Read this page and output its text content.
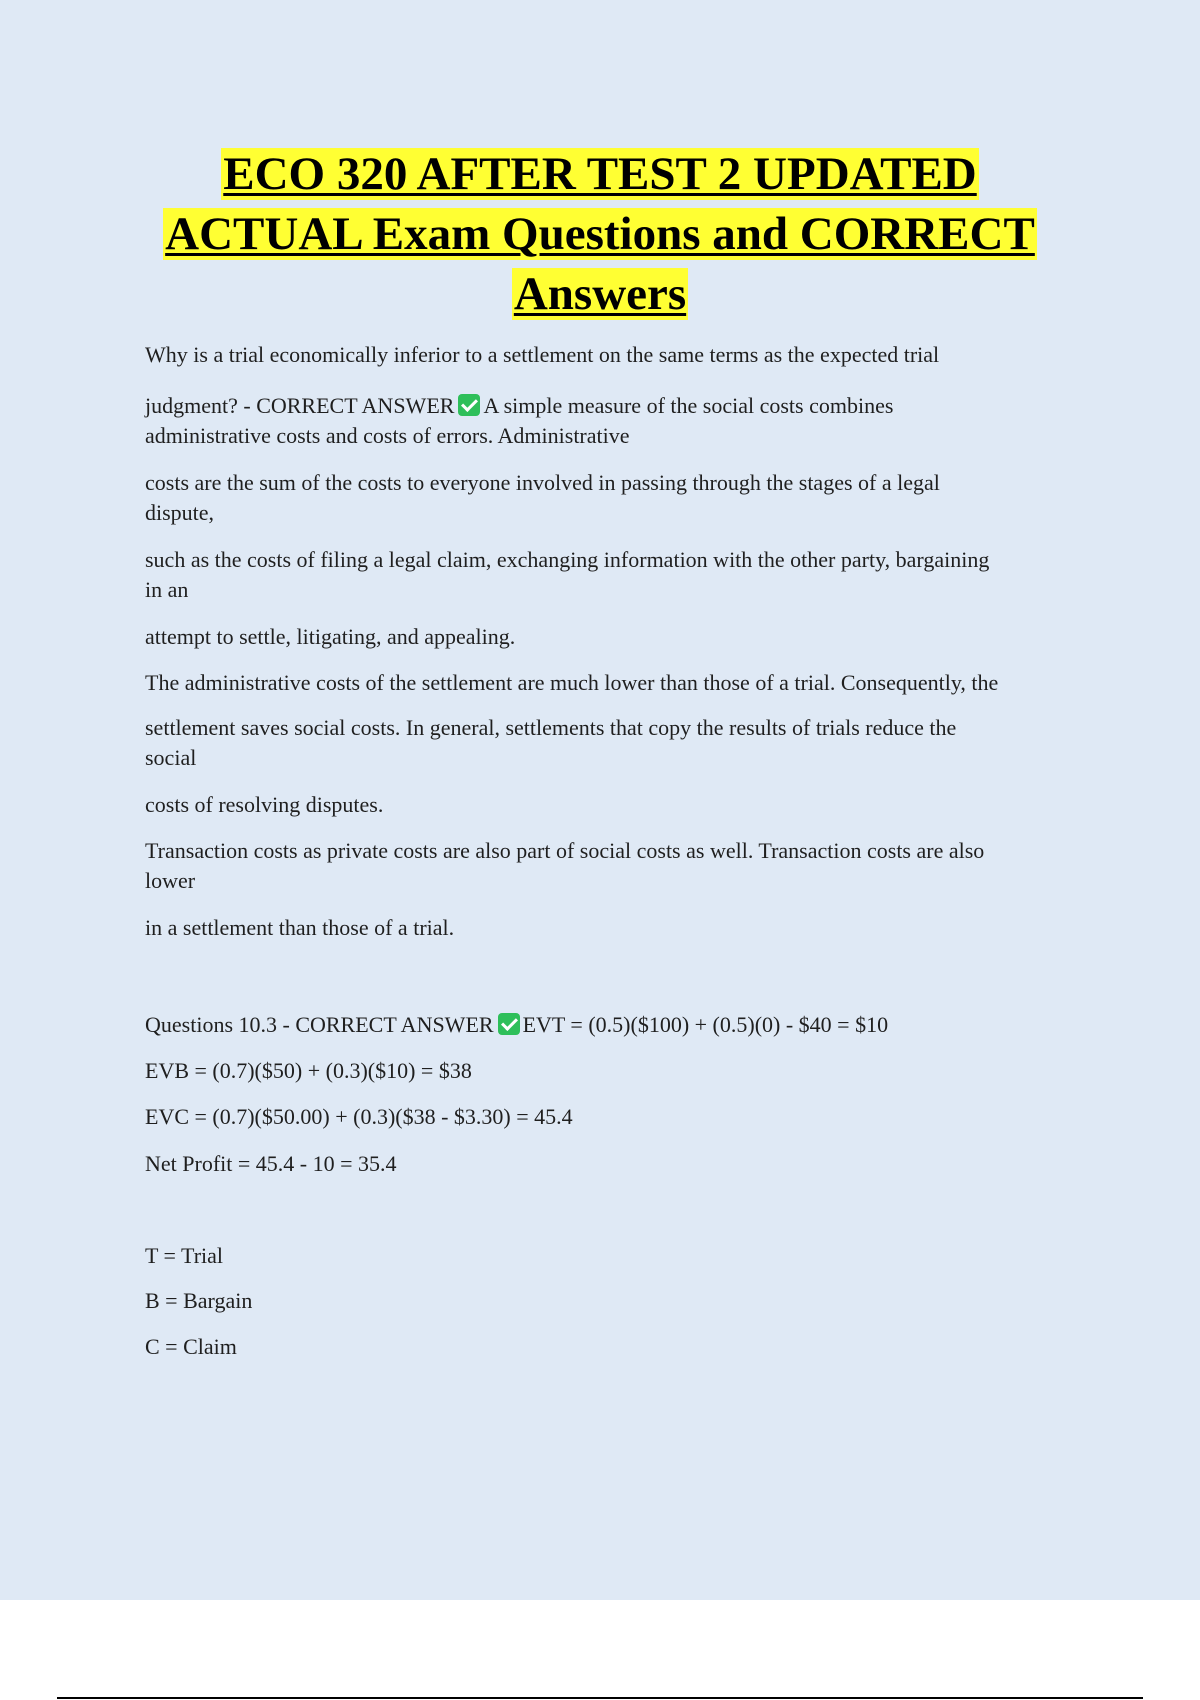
ECO 320 AFTER TEST 2 UPDATED
ACTUAL Exam Questions and CORRECT
Answers

Why is a trial economically inferior to a settlement on the same terms as the expected trial

judgment? - CORRECT ANSWER A simple measure of the social costs combines

administrative costs and costs of errors. Administrative

costs are the sum of the costs to everyone involved in passing through the stages of a legal

dispute,

such as the costs of filing a legal claim, exchanging information with the other party, bargaining

in an

attempt to settle, litigating, and appealing.

The administrative costs of the settlement are much lower than those of a trial. Consequently, the

settlement saves social costs. In general, settlements that copy the results of trials reduce the

social

costs of resolving disputes.

Transaction costs as private costs are also part of social costs as well. Transaction costs are also

lower

in a settlement than those of a trial.

Questions 10.3 - CORRECT ANSWER EVT = (0.5)($100) + (0.5)(0) - $40 = $10

EVB = (0.7)($50) + (0.3)($10) = $38

EVC = (0.7)($50.00) + (0.3)($38 - $3.30) = 45.4

Net Profit = 45.4 - 10 = 35.4

T = Trial

B = Bargain

C = Claim
